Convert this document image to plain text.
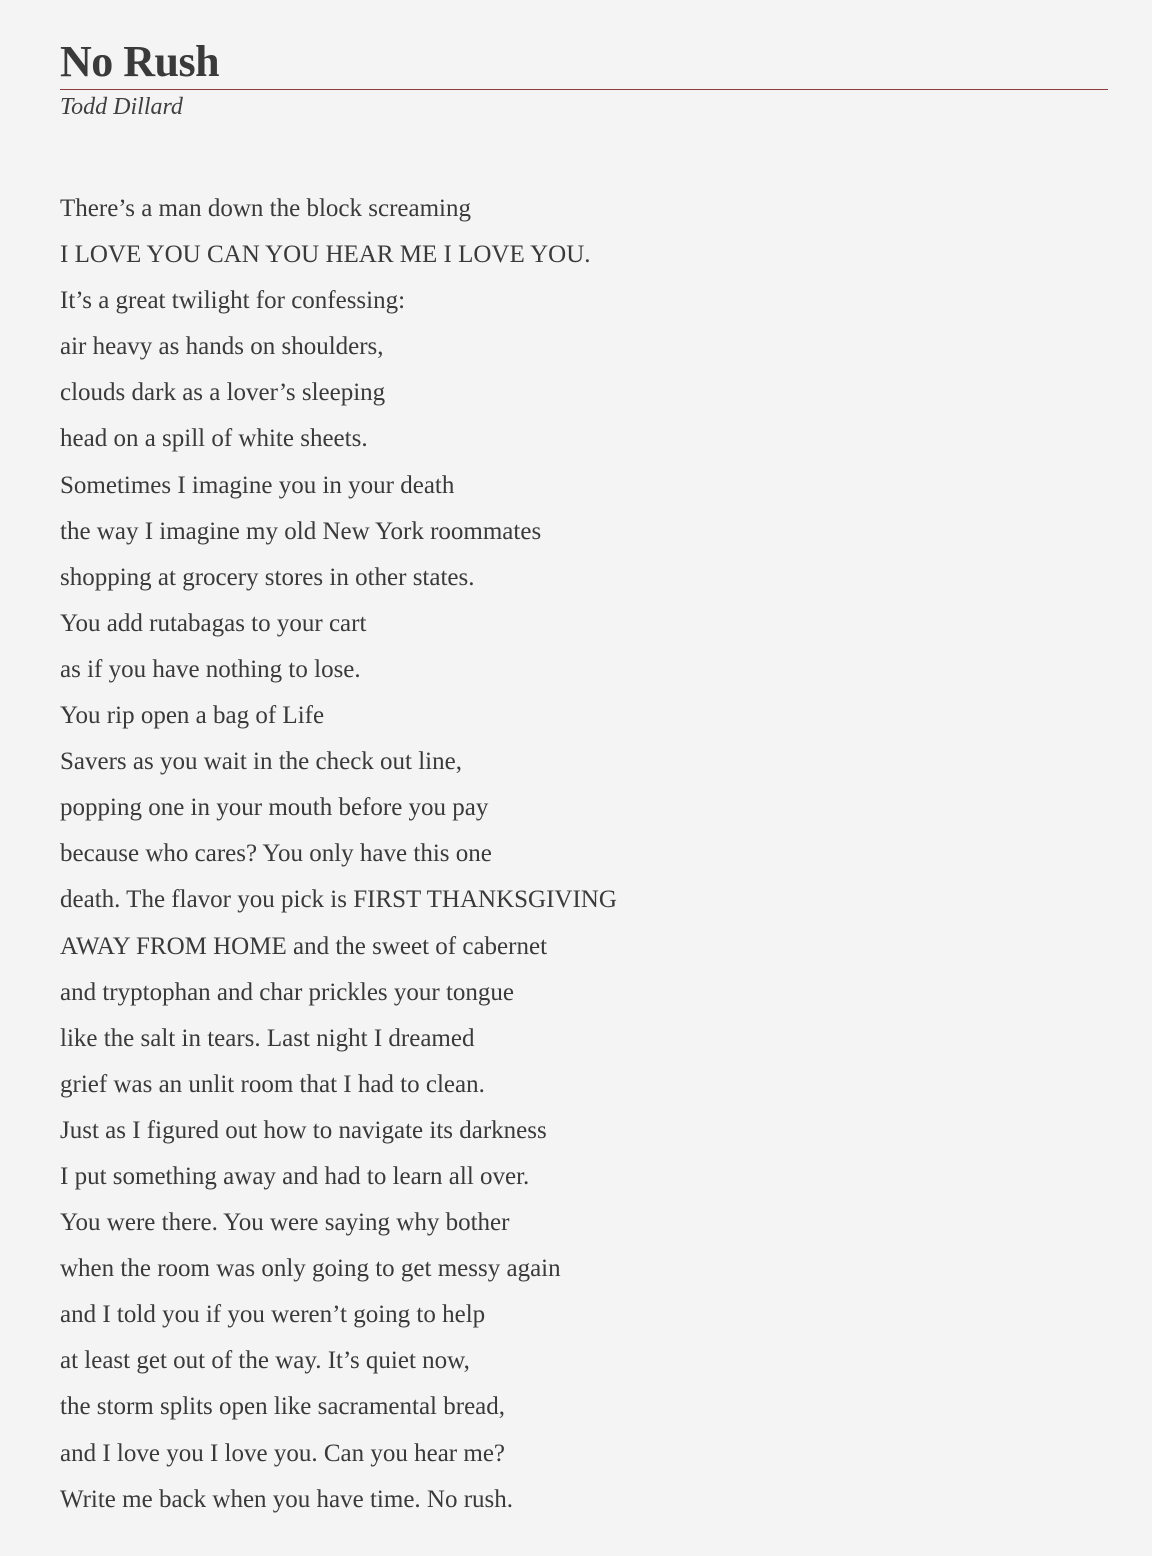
No Rush

Todd Dillard

There’s a man down the block screaming
I LOVE YOU CAN YOU HEAR ME I LOVE YOU.
It’s a great twilight for confessing:
air heavy as hands on shoulders,
clouds dark as a lover’s sleeping
head on a spill of white sheets.
Sometimes I imagine you in your death
the way I imagine my old New York roommates
shopping at grocery stores in other states.
You add rutabagas to your cart
as if you have nothing to lose.
You rip open a bag of Life
Savers as you wait in the check out line,
popping one in your mouth before you pay
because who cares? You only have this one
death. The flavor you pick is FIRST THANKSGIVING
AWAY FROM HOME and the sweet of cabernet
and tryptophan and char prickles your tongue
like the salt in tears. Last night I dreamed
grief was an unlit room that I had to clean.
Just as I figured out how to navigate its darkness
I put something away and had to learn all over.
You were there. You were saying why bother
when the room was only going to get messy again
and I told you if you weren’t going to help
at least get out of the way. It’s quiet now,
the storm splits open like sacramental bread,
and I love you I love you. Can you hear me?
Write me back when you have time. No rush.
